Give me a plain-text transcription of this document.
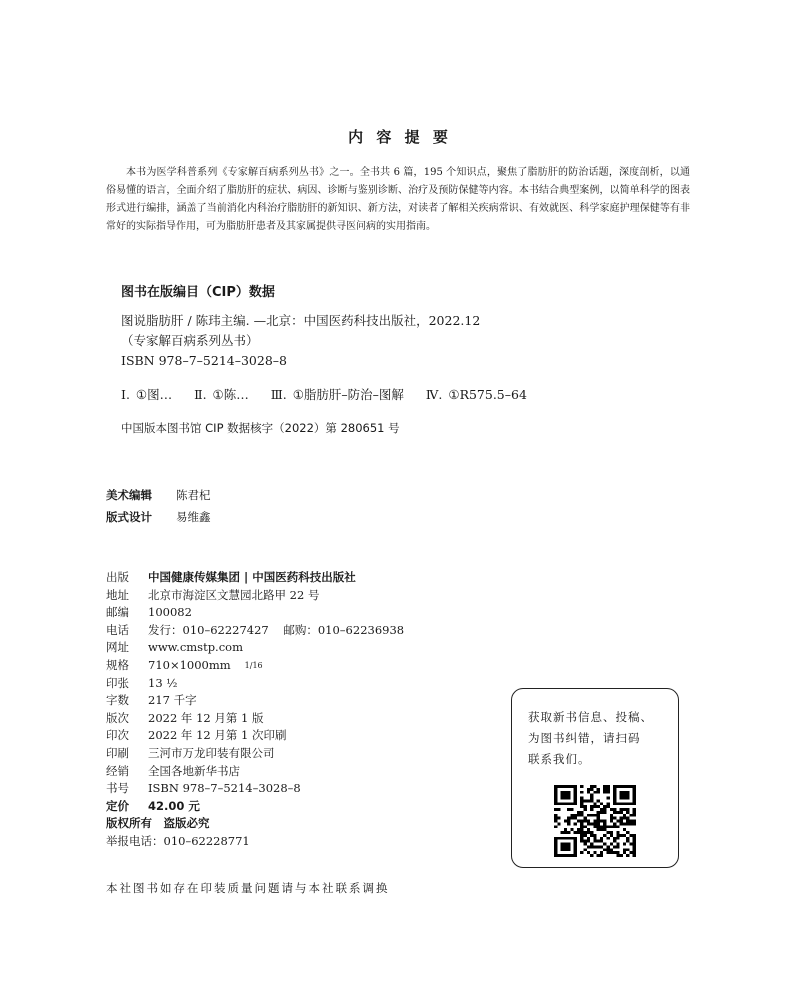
内 容 提 要

本书为医学科普系列《专家解百病系列丛书》之一。全书共 6 篇，195 个知识点，聚焦了脂肪肝的防治话题，深度剖析，以通俗易懂的语言，全面介绍了脂肪肝的症状、病因、诊断与鉴别诊断、治疗及预防保健等内容。本书结合典型案例，以简单科学的图表形式进行编排，涵盖了当前消化内科治疗脂肪肝的新知识、新方法，对读者了解相关疾病常识、有效就医、科学家庭护理保健等有非常好的实际指导作用，可为脂肪肝患者及其家属提供寻医问病的实用指南。

图书在版编目（CIP）数据
图说脂肪肝 / 陈玮主编. —北京：中国医药科技出版社，2022.12
（专家解百病系列丛书）
ISBN 978–7–5214–3028–8
Ⅰ. ①图… Ⅱ. ①陈… Ⅲ. ①脂肪肝–防治–图解 Ⅳ. ①R575.5–64
中国版本图书馆 CIP 数据核字（2022）第 280651 号
美术编辑	陈君杞
版式设计	易维鑫
出版	中国健康传媒集团 | 中国医药科技出版社
地址	北京市海淀区文慧园北路甲 22 号
邮编	100082
电话	发行：010–62227427    邮购：010–62236938
网址	www.cmstp.com
规格	710×1000mm 1/16
印张	13 ½
字数	217 千字
版次	2022 年 12 月第 1 版
印次	2022 年 12 月第 1 次印刷
印刷	三河市万龙印装有限公司
经销	全国各地新华书店
书号	ISBN 978–7–5214–3028–8
定价	42.00 元
版权所有　盗版必究
举报电话：010–62228771
本社图书如存在印装质量问题请与本社联系调换
获取新书信息、投稿、
为图书纠错，请扫码
联系我们。
